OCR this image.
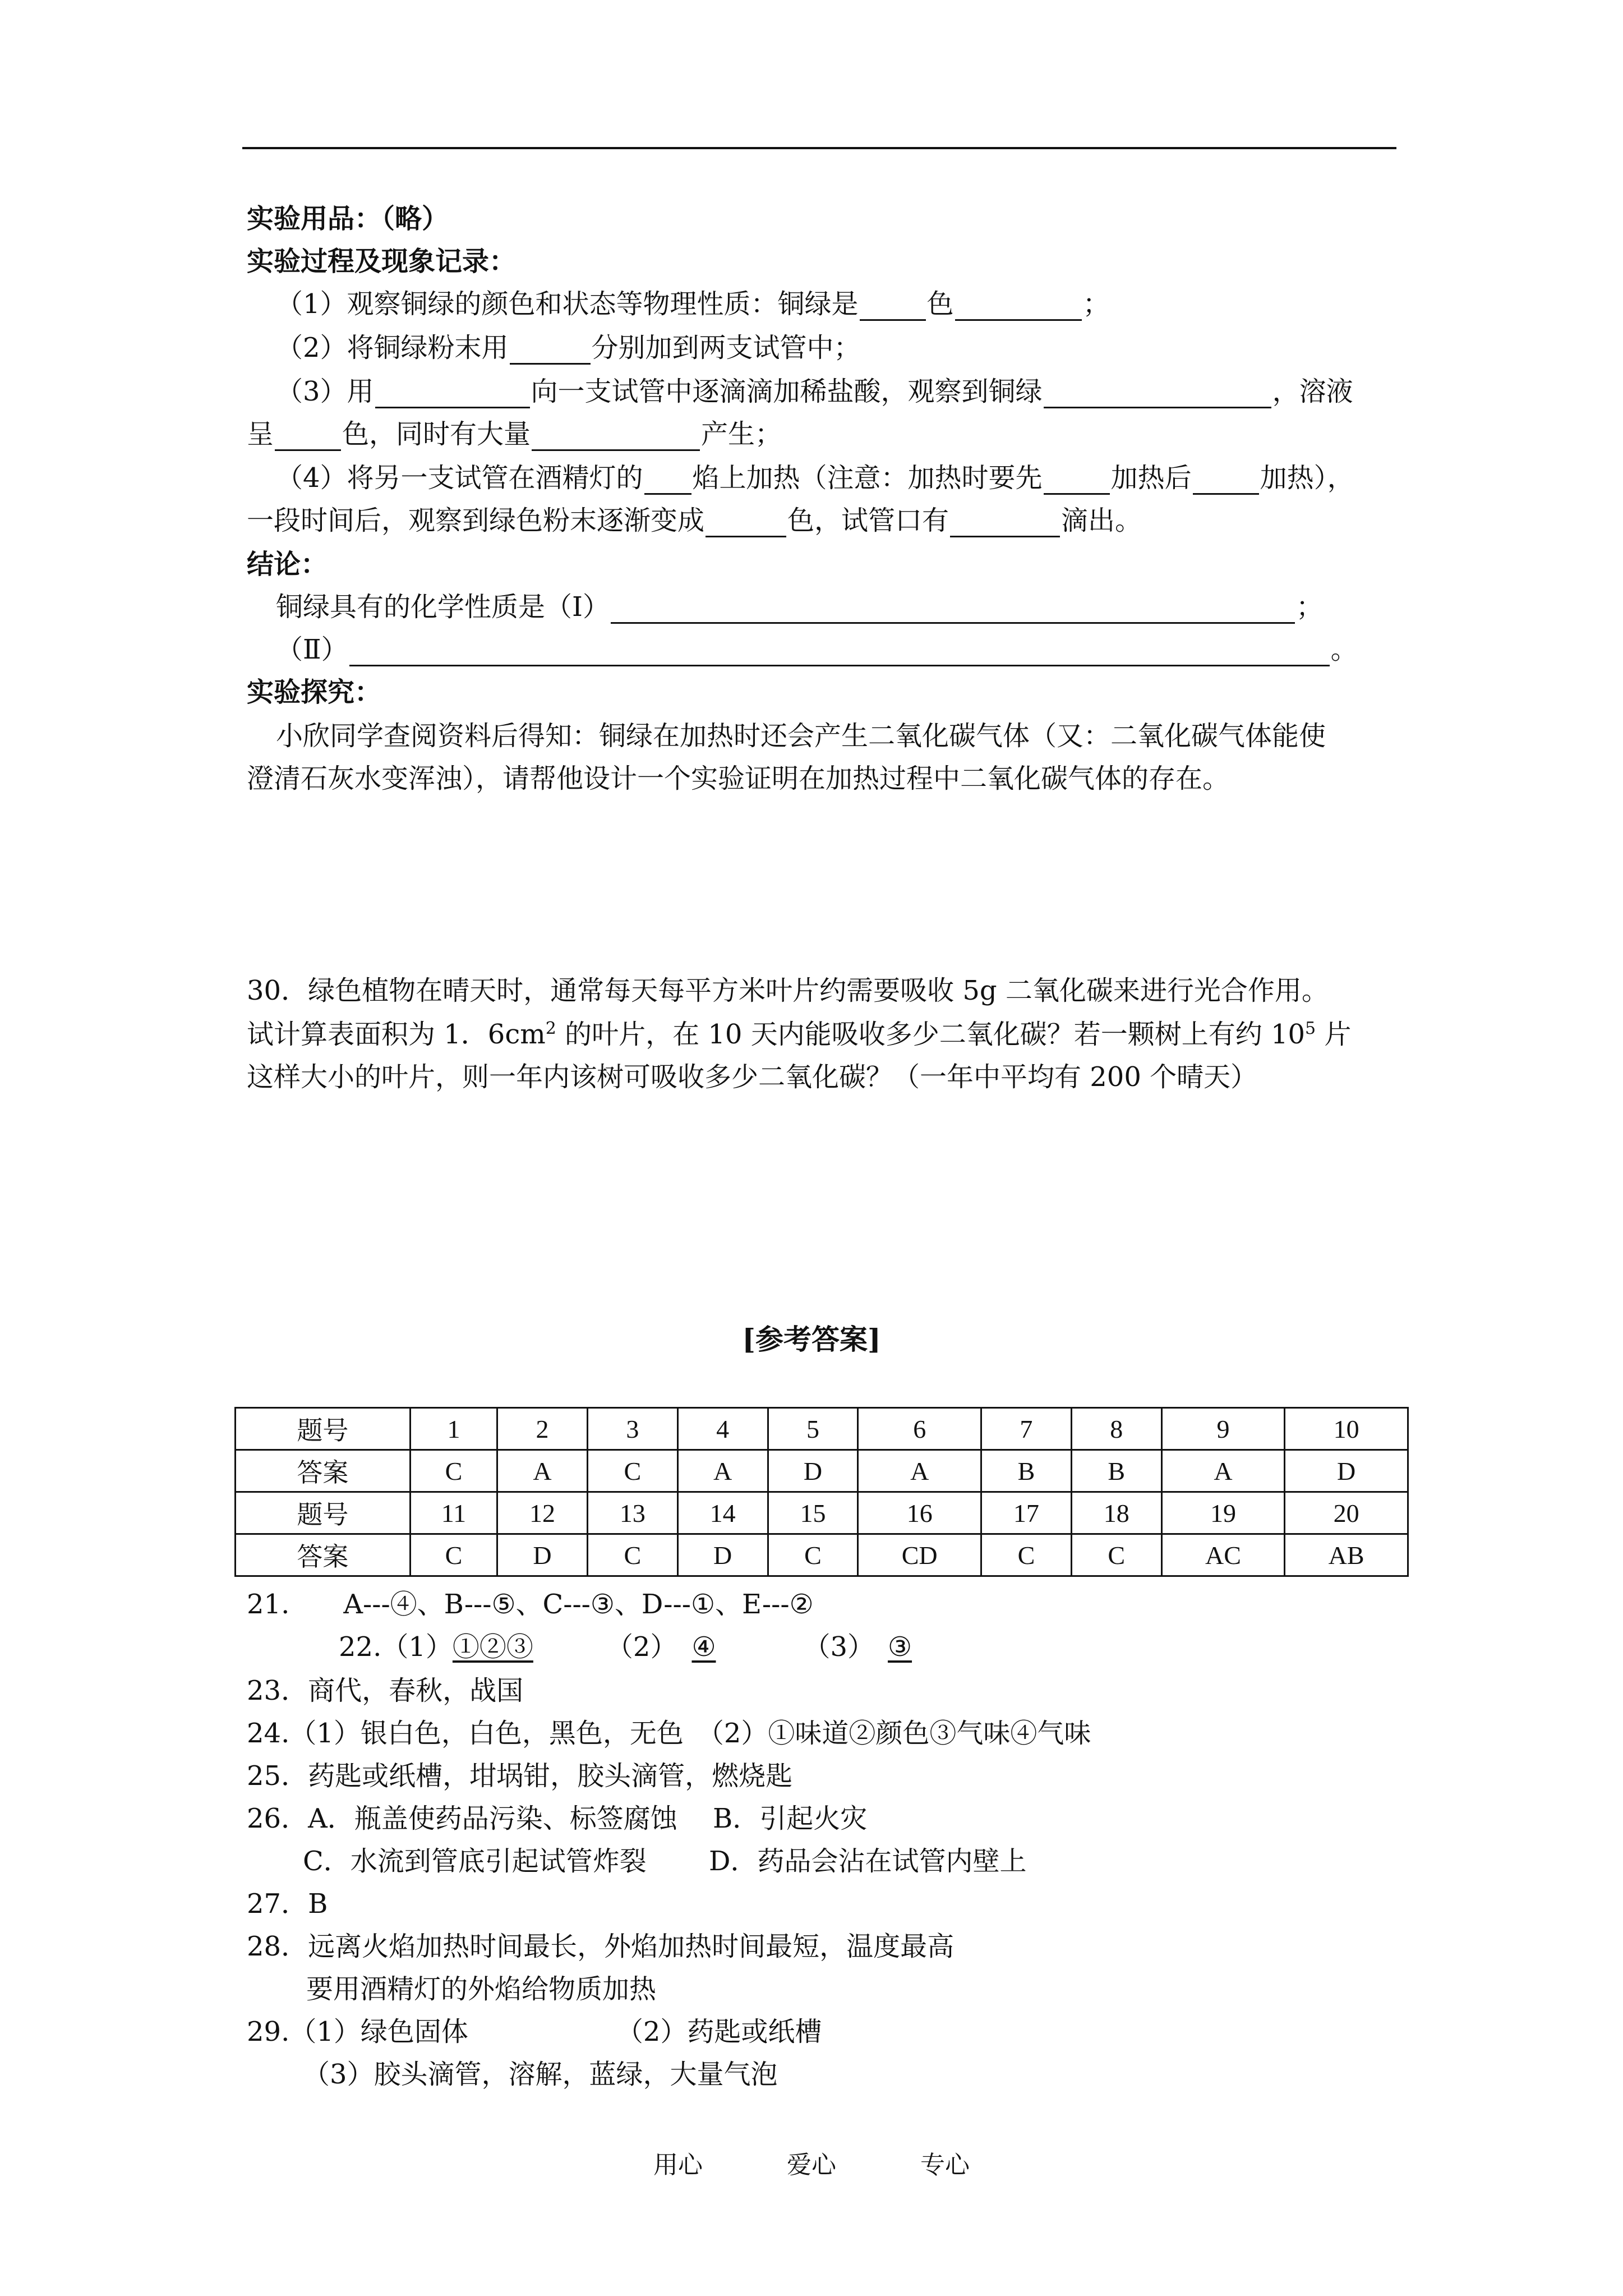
实验用品：（略）
实验过程及现象记录：
（1）观察铜绿的颜色和状态等物理性质：铜绿是	色	；
（2）将铜绿粉末用	分别加到两支试管中；
（3）用	向一支试管中逐滴滴加稀盐酸，观察到铜绿	，溶液
呈	色，同时有大量	产生；
（4）将另一支试管在酒精灯的 焰上加热（注意：加热时要先	加热后	加热），
一段时间后，观察到绿色粉末逐渐变成	色，试管口有	滴出。
结论：
铜绿具有的化学性质是（Ⅰ）	；
（Ⅱ）	。
实验探究：
小欣同学查阅资料后得知：铜绿在加热时还会产生二氧化碳气体（又：二氧化碳气体能使
澄清石灰水变浑浊），请帮他设计一个实验证明在加热过程中二氧化碳气体的存在。
30．绿色植物在晴天时，通常每天每平方米叶片约需要吸收 5g 二氧化碳来进行光合作用。
试计算表面积为 1．$6cm^2$ 的叶片，在 10 天内能吸收多少二氧化碳？若一颗树上有约 $10^5$ 片
这样大小的叶片，则一年内该树可吸收多少二氧化碳？（一年中平均有 200 个晴天）
[参考答案]
题号	1	2	3	4	5	6	7	8	9	10
答案	C	A	C	A	D	A	B	B	A	D
题号	11	12	13	14	15	16	17	18	19	20
答案	C	D	C	D	C	CD	C	C	AC	AB
21.　　A---④、B---⑤、C---③、D---①、E---②
22.（1）①②③	（2） ④	（3） ③
23．商代，春秋，战国
24.（1）银白色，白色，黑色，无色　（2）①味道②颜色③气味④气味
25．药匙或纸槽，坩埚钳，胶头滴管，燃烧匙
26．A．瓶盖使药品污染、标签腐蚀　 B．引起火灾
C．水流到管底引起试管炸裂　　 D．药品会沾在试管内壁上
27．B
28．远离火焰加热时间最长，外焰加热时间最短，温度最高
要用酒精灯的外焰给物质加热
29.（1）绿色固体　　　　　　（2）药匙或纸槽
（3）胶头滴管，溶解，蓝绿，大量气泡
用心	爱心	专心
